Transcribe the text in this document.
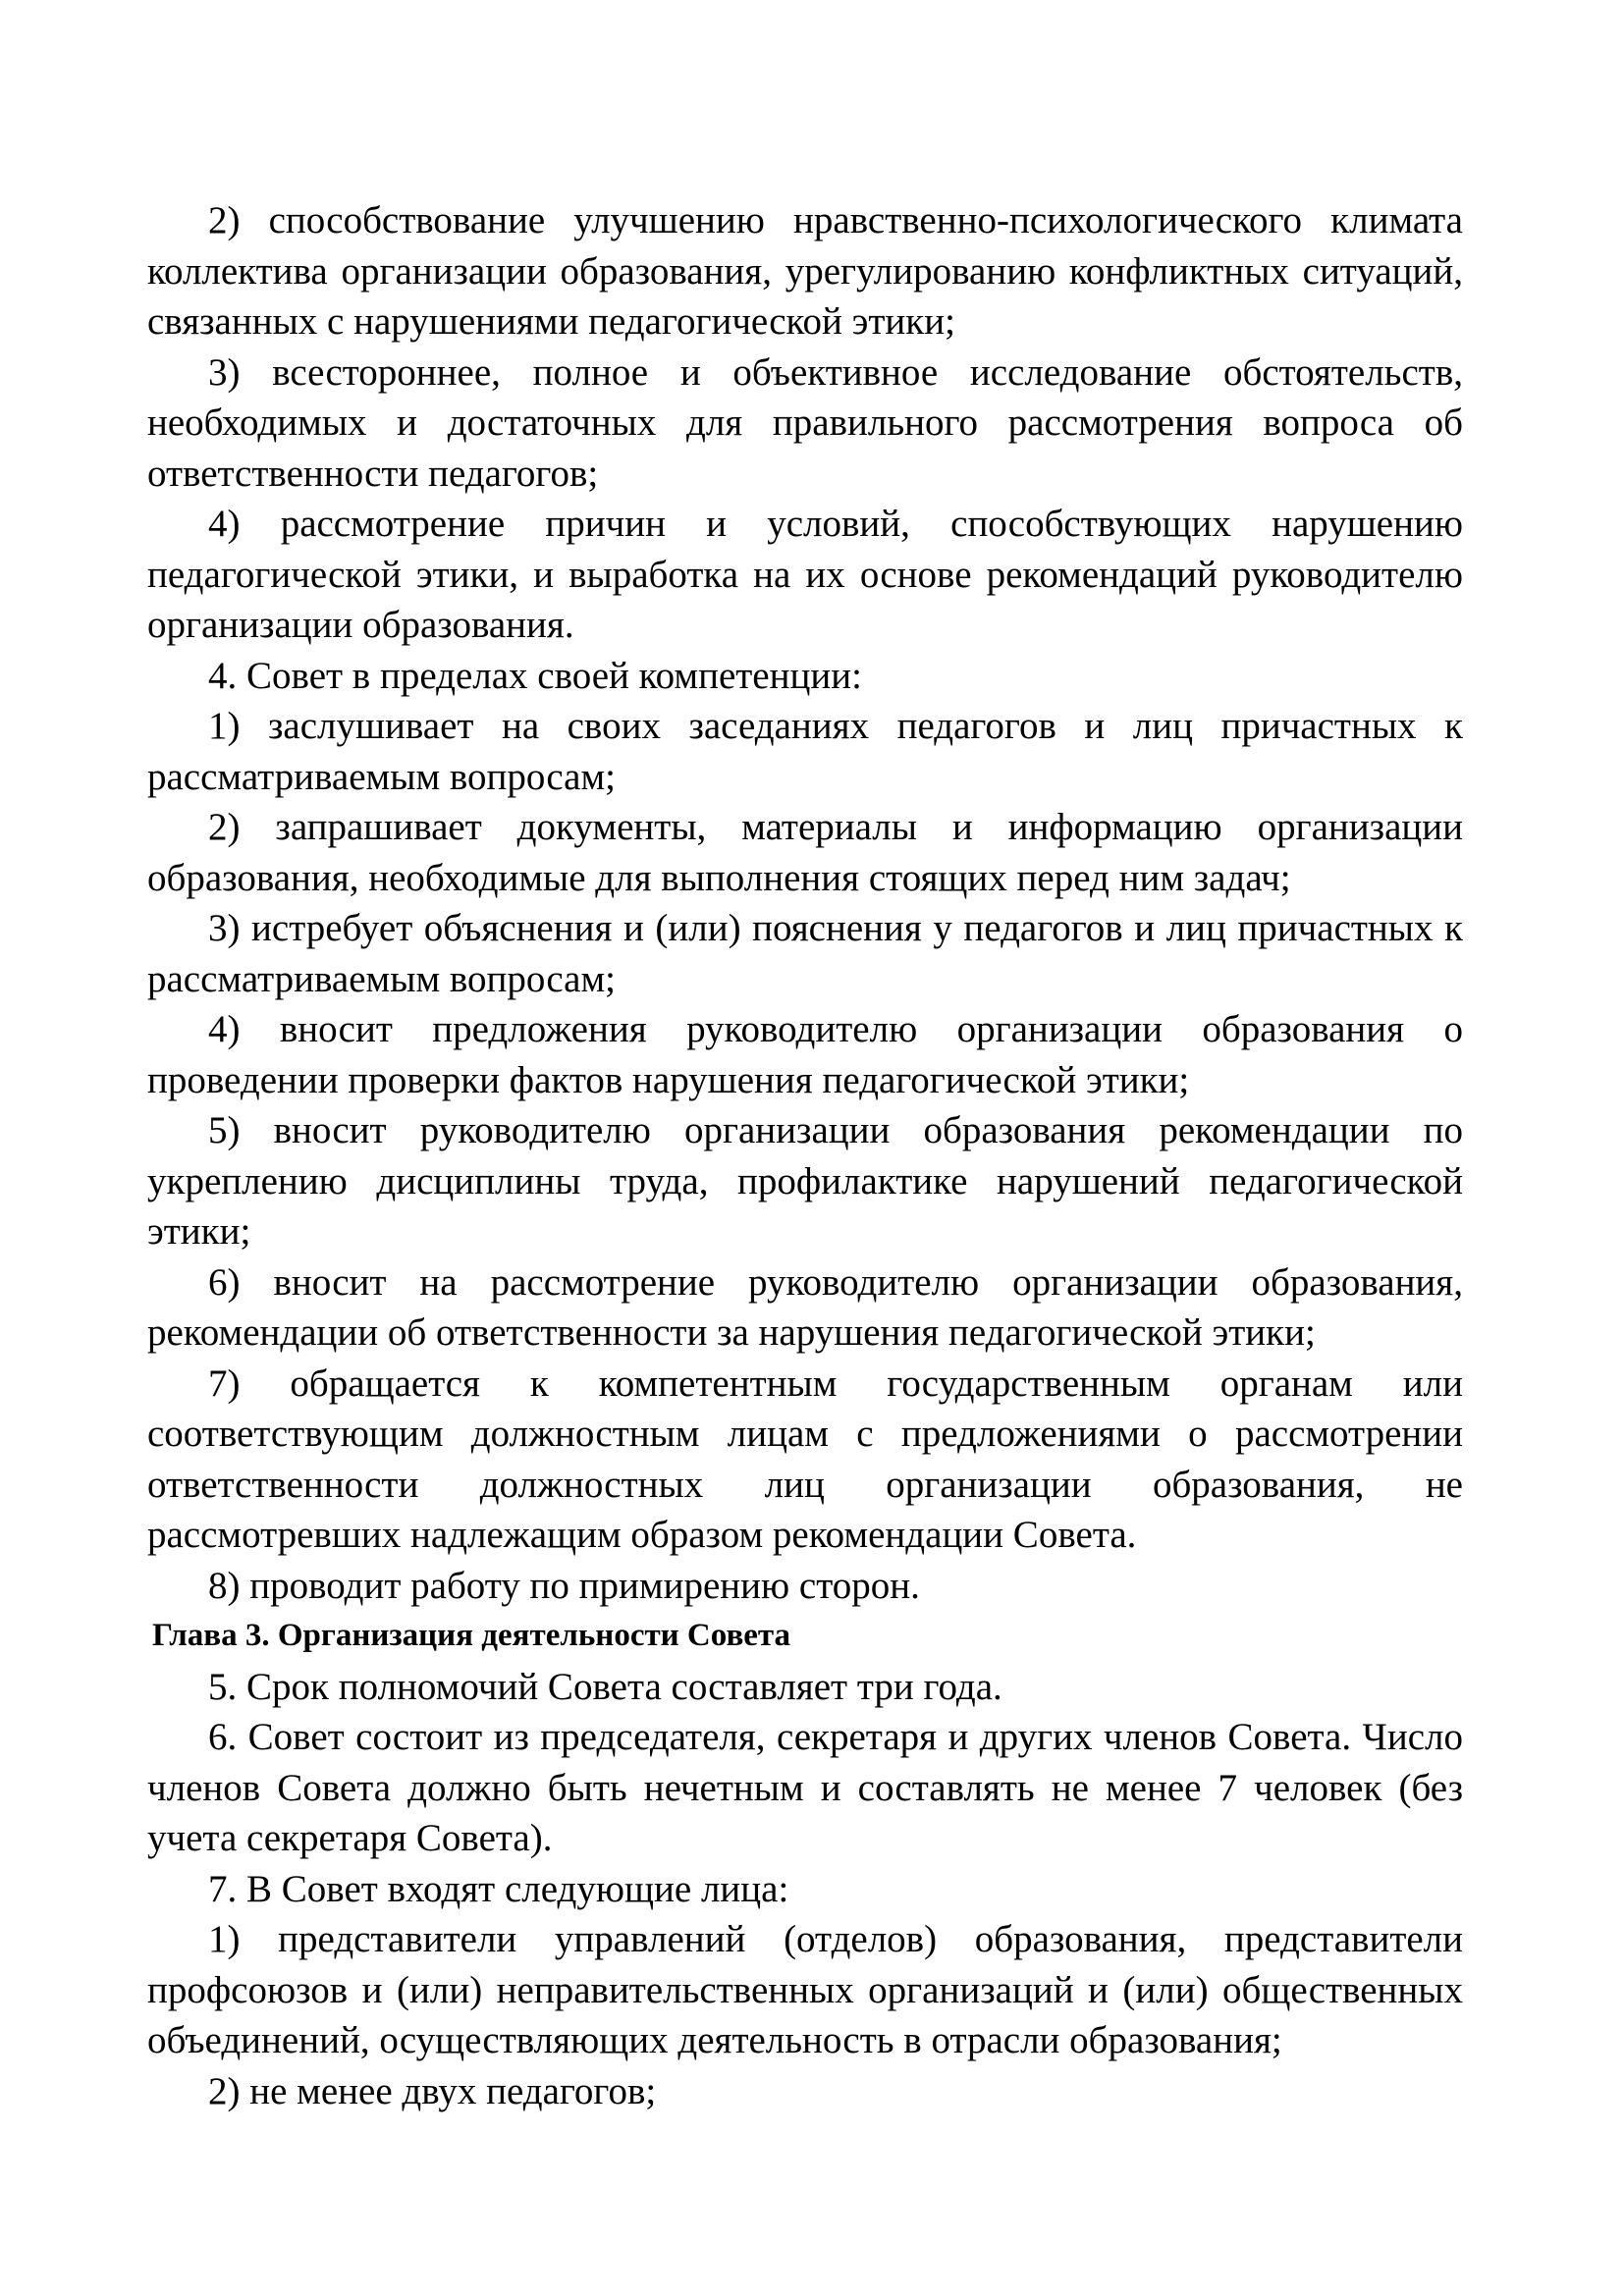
2) способствование улучшению нравственно-психологического климата коллектива организации образования, урегулированию конфликтных ситуаций, связанных с нарушениями педагогической этики;

3) всестороннее, полное и объективное исследование обстоятельств, необходимых и достаточных для правильного рассмотрения вопроса об ответственности педагогов;

4) рассмотрение причин и условий, способствующих нарушению педагогической этики, и выработка на их основе рекомендаций руководителю организации образования.

4. Совет в пределах своей компетенции:

1) заслушивает на своих заседаниях педагогов и лиц причастных к рассматриваемым вопросам;

2) запрашивает документы, материалы и информацию организации образования, необходимые для выполнения стоящих перед ним задач;

3) истребует объяснения и (или) пояснения у педагогов и лиц причастных к рассматриваемым вопросам;

4) вносит предложения руководителю организации образования о проведении проверки фактов нарушения педагогической этики;

5) вносит руководителю организации образования рекомендации по укреплению дисциплины труда, профилактике нарушений педагогической этики;

6) вносит на рассмотрение руководителю организации образования, рекомендации об ответственности за нарушения педагогической этики;

7) обращается к компетентным государственным органам или соответствующим должностным лицам с предложениями о рассмотрении ответственности должностных лиц организации образования, не рассмотревших надлежащим образом рекомендации Совета.

8) проводит работу по примирению сторон.

Глава 3. Организация деятельности Совета

5. Срок полномочий Совета составляет три года.

6. Совет состоит из председателя, секретаря и других членов Совета. Число членов Совета должно быть нечетным и составлять не менее 7 человек (без учета секретаря Совета).

7. В Совет входят следующие лица:

1) представители управлений (отделов) образования, представители профсоюзов и (или) неправительственных организаций и (или) общественных объединений, осуществляющих деятельность в отрасли образования;

2) не менее двух педагогов;
